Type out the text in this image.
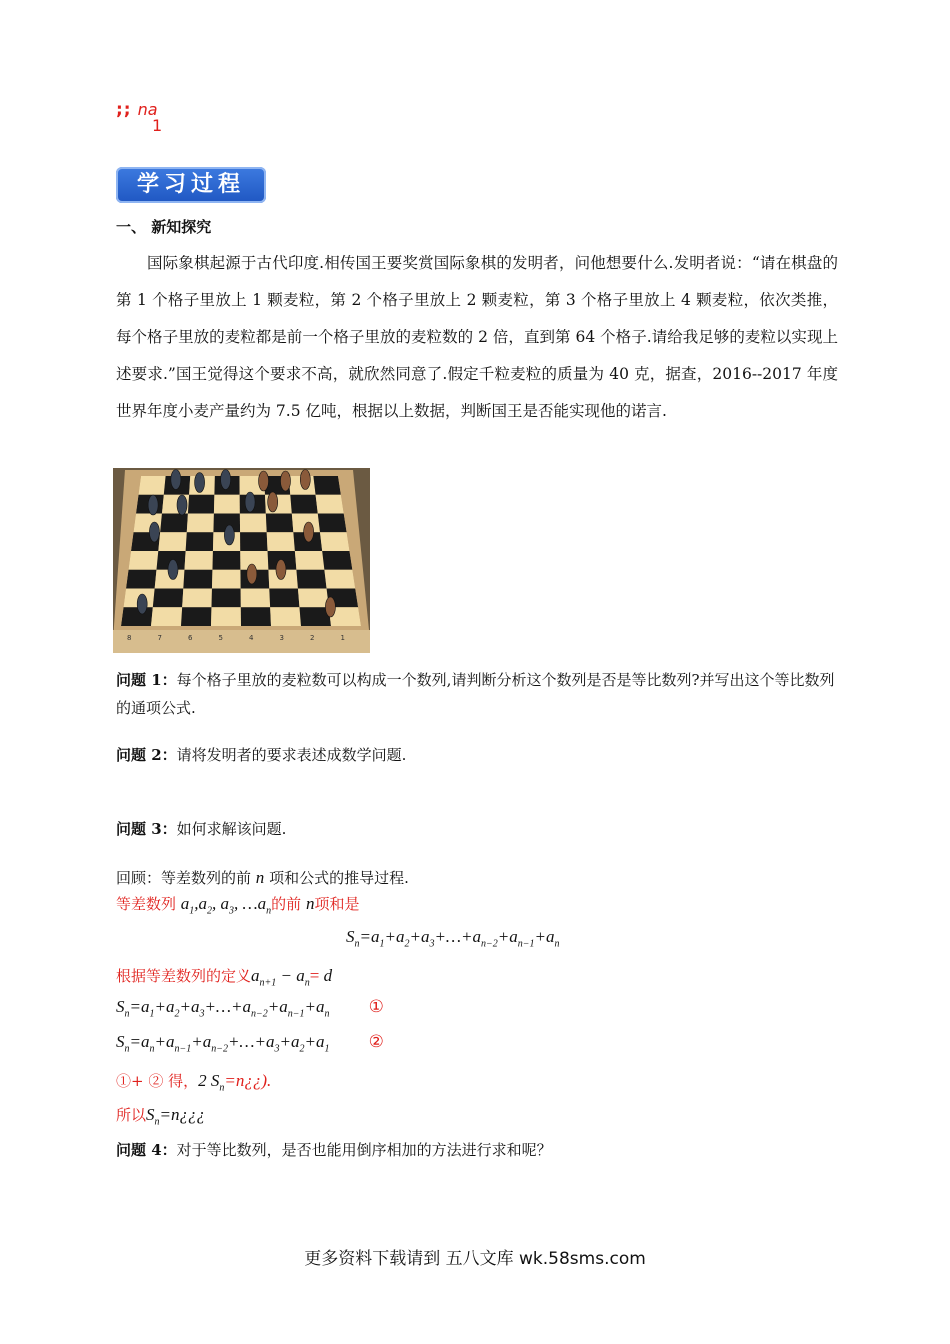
;; na
1
学习过程
一、 新知探究
国际象棋起源于古代印度.相传国王要奖赏国际象棋的发明者，问他想要什么.发明者说：“请在棋盘的第 1 个格子里放上 1 颗麦粒，第 2 个格子里放上 2 颗麦粒，第 3 个格子里放上 4 颗麦粒，依次类推，每个格子里放的麦粒都是前一个格子里放的麦粒数的 2 倍，直到第 64 个格子.请给我足够的麦粒以实现上述要求.”国王觉得这个要求不高，就欣然同意了.假定千粒麦粒的质量为 40 克，据查，2016--2017 年度世界年度小麦产量约为 7.5 亿吨，根据以上数据，判断国王是否能实现他的诺言.
8	7	6	5	4	3	2	1
问题 1：每个格子里放的麦粒数可以构成一个数列,请判断分析这个数列是否是等比数列?并写出这个等比数列的通项公式.
问题 2：请将发明者的要求表述成数学问题.
问题 3：如何求解该问题.
回顾：等差数列的前 n 项和公式的推导过程.
等差数列 $a_1,a_2$, $a_3$, $\dots a_n$的前 n项和是
$S_n=a_1+a_2+a_3+\dots+a_{n-2}+a_{n-1}+a_n$
根据等差数列的定义$a_{n+1} - a_n= d$
$S_n=a_1+a_2+a_3+\dots+a_{n-2}+a_{n-1}+a_n$ ①
$S_n=a_n+a_{n-1}+a_{n-2}+\dots+a_3+a_2+a_1$ ②
①+ ② 得，2 $S_n=n¿¿$).
所以$S_n=n¿¿¿$
问题 4：对于等比数列，是否也能用倒序相加的方法进行求和呢？
更多资料下载请到 五八文库 wk.58sms.com
